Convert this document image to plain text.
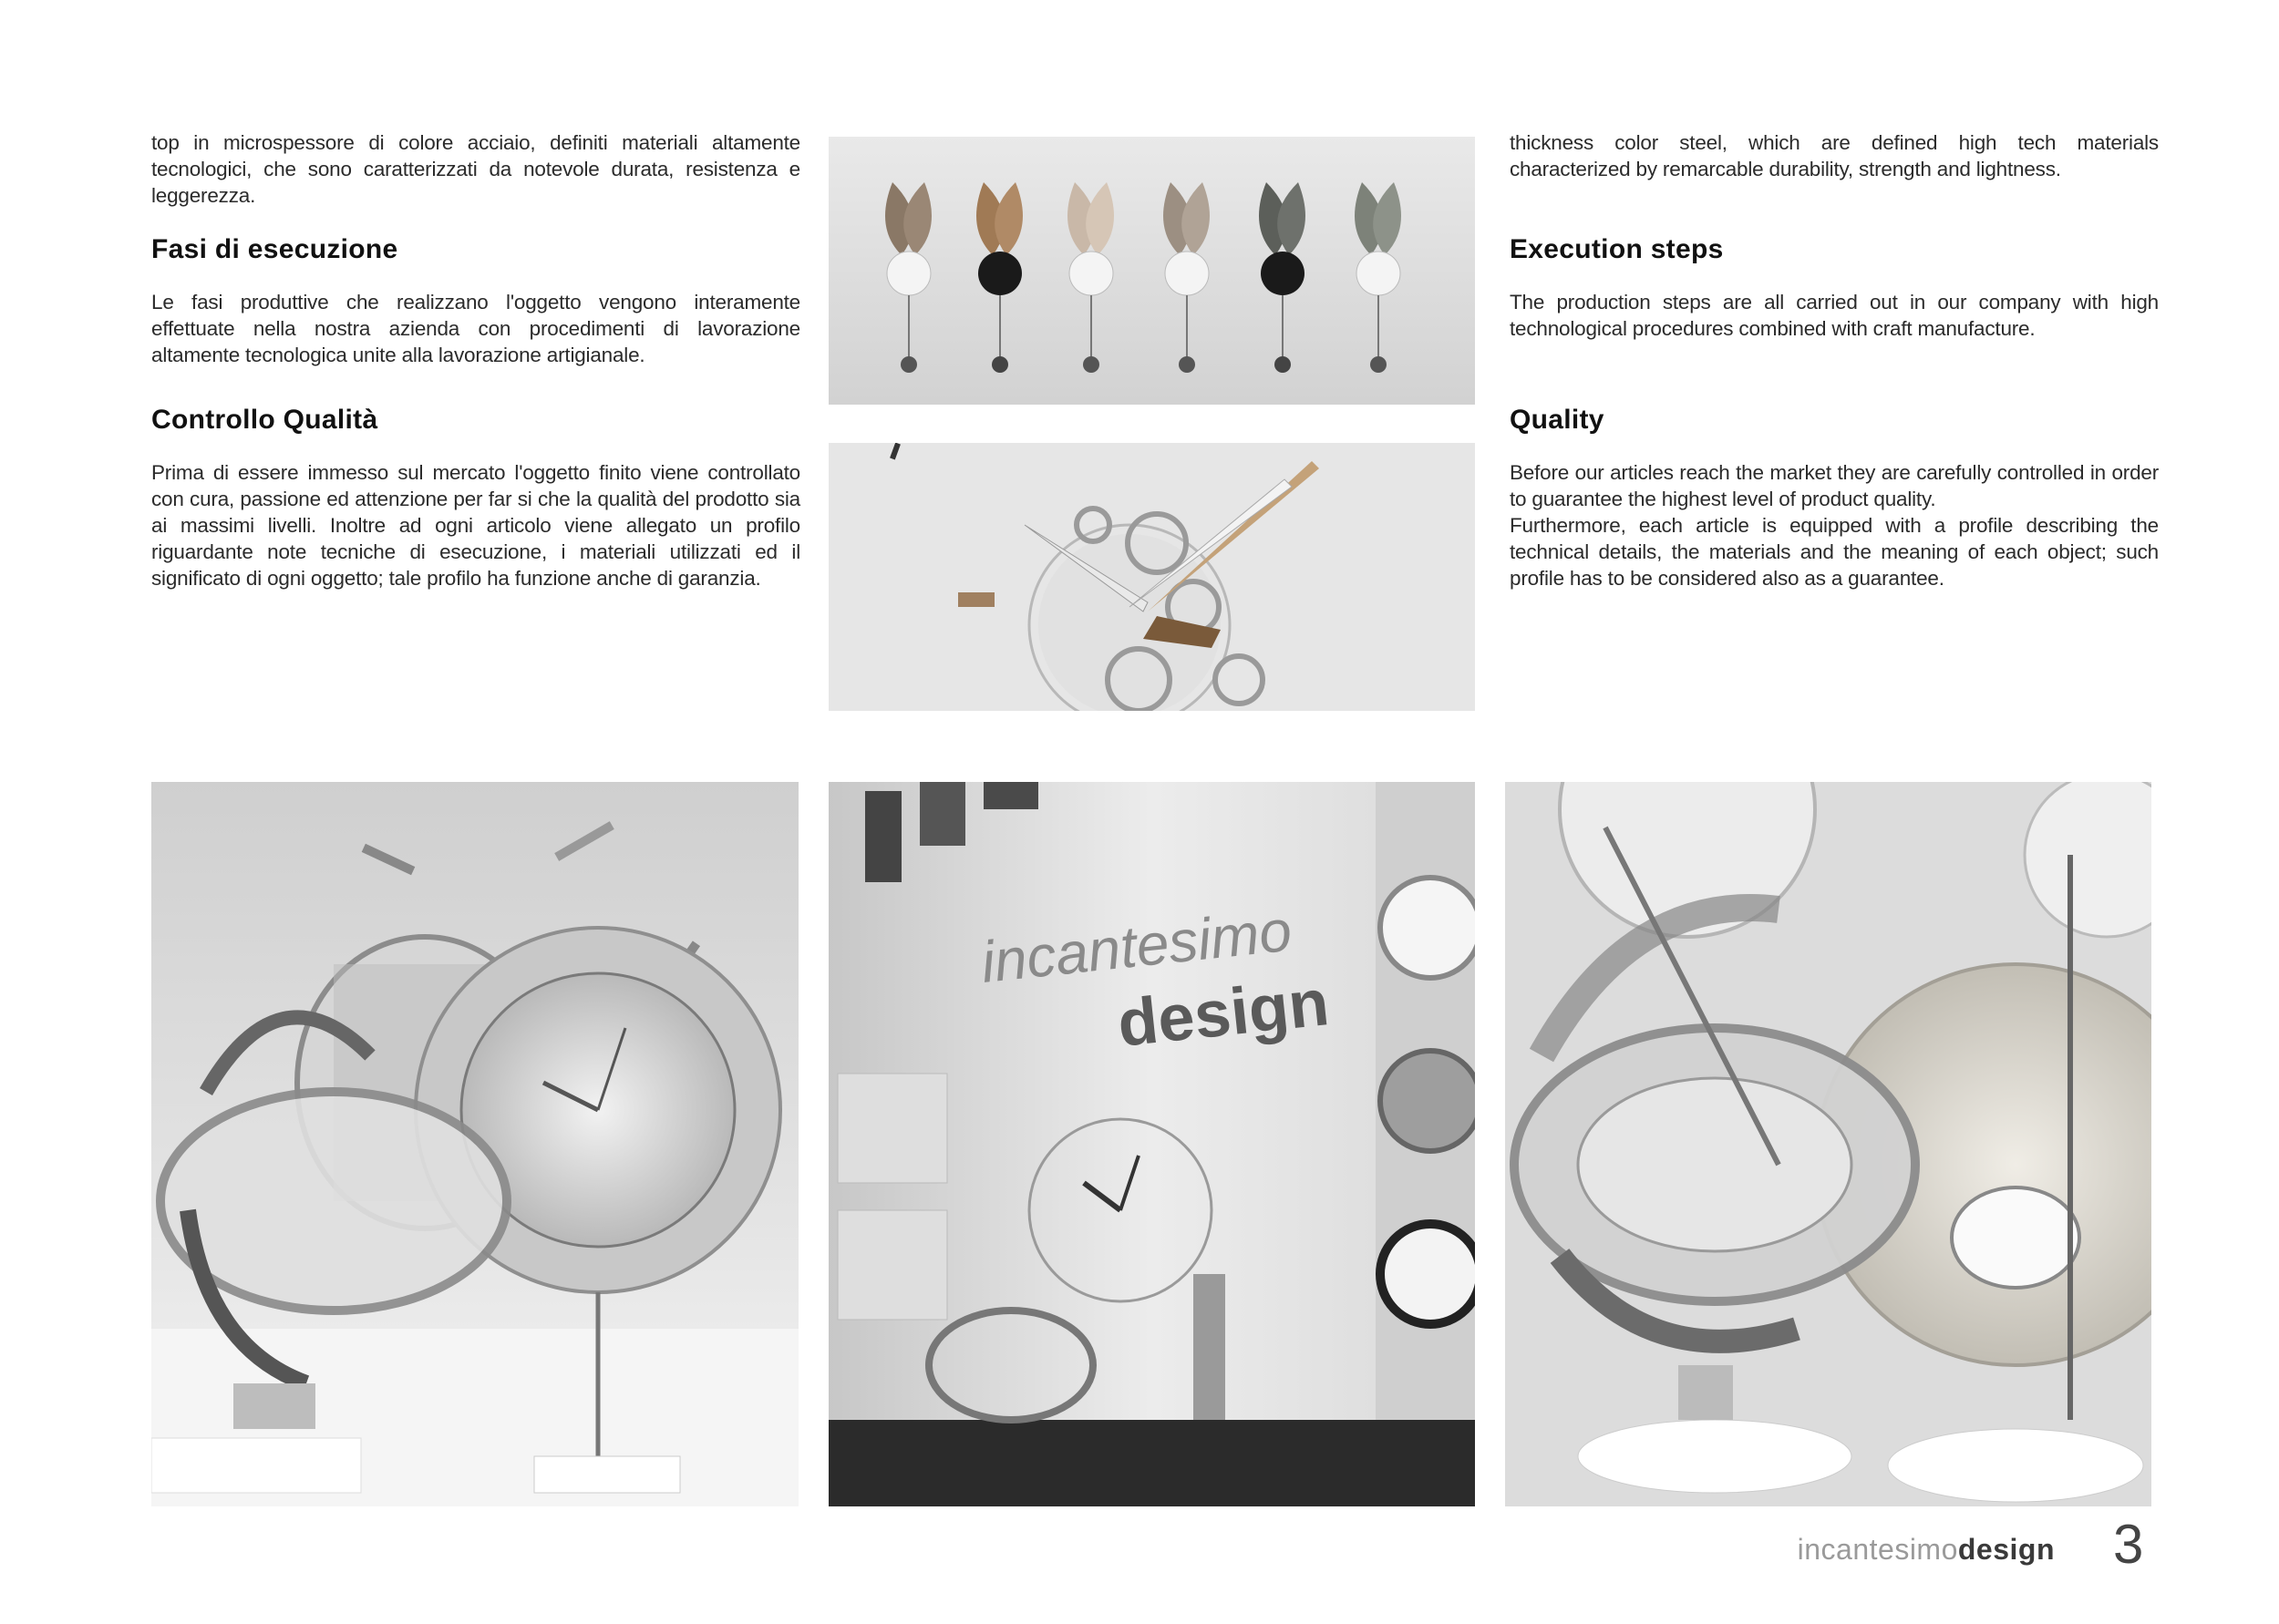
top in microspessore di colore acciaio, definiti materiali altamente tecnologici, che sono caratterizzati da notevole durata, resistenza e leggerezza.

Fasi di esecuzione

Le fasi produttive che realizzano l'oggetto vengono interamente effettuate nella nostra azienda con procedimenti di lavorazione altamente tecnologica unite alla lavorazione artigianale.

Controllo Qualità

Prima di essere immesso sul mercato l'oggetto finito viene controllato con cura, passione ed attenzione per far si che la qualità del prodotto sia ai massimi livelli. Inoltre ad ogni articolo viene allegato un profilo riguardante note tecniche di esecuzione, i materiali utilizzati ed il significato di ogni oggetto; tale profilo ha funzione anche di garanzia.

thickness color steel, which are defined high tech materials characterized by remarcable durability, strength and lightness.

Execution steps

The production steps are all carried out in our company with high technological procedures combined with craft manufacture.

Quality

Before our articles reach the market they are carefully controlled in order to guarantee the highest level of product quality.

Furthermore, each article is equipped with a profile describing the technical details, the materials and the meaning of each object; such profile has to be considered also as a guarantee.

incantesimo
design
incantesimodesign 3
